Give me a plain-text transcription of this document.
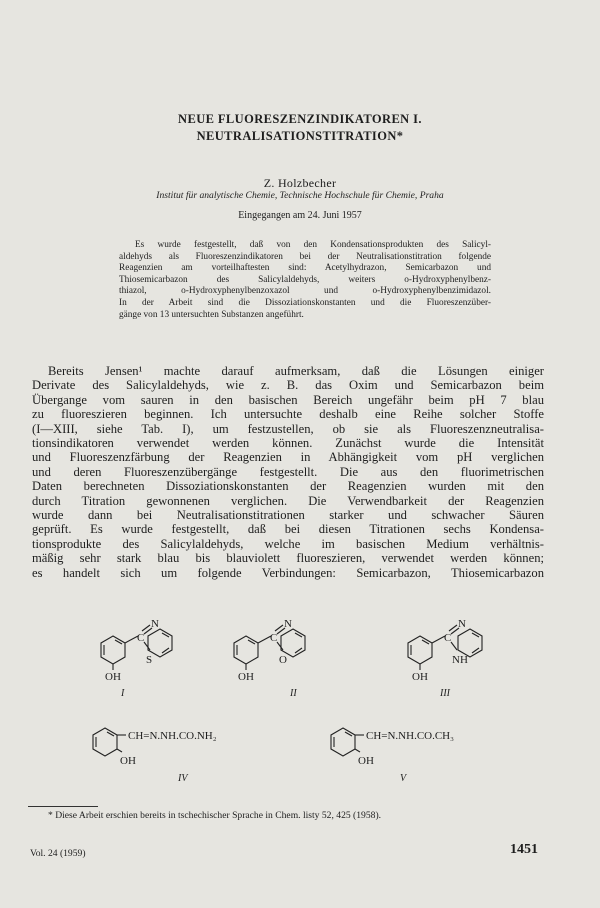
NEUE FLUORESZENZINDIKATOREN I.
NEUTRALISATIONSTITRATION*
Z. Holzbecher
Institut für analytische Chemie, Technische Hochschule für Chemie, Praha
Eingegangen am 24. Juni 1957

Es wurde festgestellt, daß von den Kondensationsprodukten des Salicyl-

aldehyds als Fluoreszenzindikatoren bei der Neutralisationstitration folgende

Reagenzien am vorteilhaftesten sind: Acetylhydrazon, Semicarbazon und

Thiosemicarbazon des Salicylaldehyds, weiters o-Hydroxyphenylbenz-

thiazol, o-Hydroxyphenylbenzoxazol und o-Hydroxyphenylbenzimidazol.

In der Arbeit sind die Dissoziationskonstanten und die Fluoreszenzüber-

gänge von 13 untersuchten Substanzen angeführt.

Bereits Jensen¹ machte darauf aufmerksam, daß die Lösungen einiger

Derivate des Salicylaldehyds, wie z. B. das Oxim und Semicarbazon beim

Übergange vom sauren in den basischen Bereich ungefähr beim pH 7 blau

zu fluoreszieren beginnen. Ich untersuchte deshalb eine Reihe solcher Stoffe

(I—XIII, siehe Tab. I), um festzustellen, ob sie als Fluoreszenzneutralisa-

tionsindikatoren verwendet werden können. Zunächst wurde die Intensität

und Fluoreszenzfärbung der Reagenzien in Abhängigkeit vom pH verglichen

und deren Fluoreszenzübergänge festgestellt. Die aus den fluorimetrischen

Daten berechneten Dissoziationskonstanten der Reagenzien wurden mit den

durch Titration gewonnenen verglichen. Die Verwendbarkeit der Reagenzien

wurde dann bei Neutralisationstitrationen starker und schwacher Säuren

geprüft. Es wurde festgestellt, daß bei diesen Titrationen sechs Kondensa-

tionsprodukte des Salicylaldehyds, welche im basischen Medium verhältnis-

mäßig sehr stark blau bis blauviolett fluoreszieren, verwendet werden können;

es handelt sich um folgende Verbindungen: Semicarbazon, Thiosemicarbazon

C
N
S
OH
I
C
N
O
OH
II
C
N
NH
OH
III
CH=N.NH.CO.NH₂
OH
IV
CH=N.NH.CO.CH₃
OH
V
* Diese Arbeit erschien bereits in tschechischer Sprache in Chem. listy 52, 425 (1958).
Vol. 24 (1959)	1451
